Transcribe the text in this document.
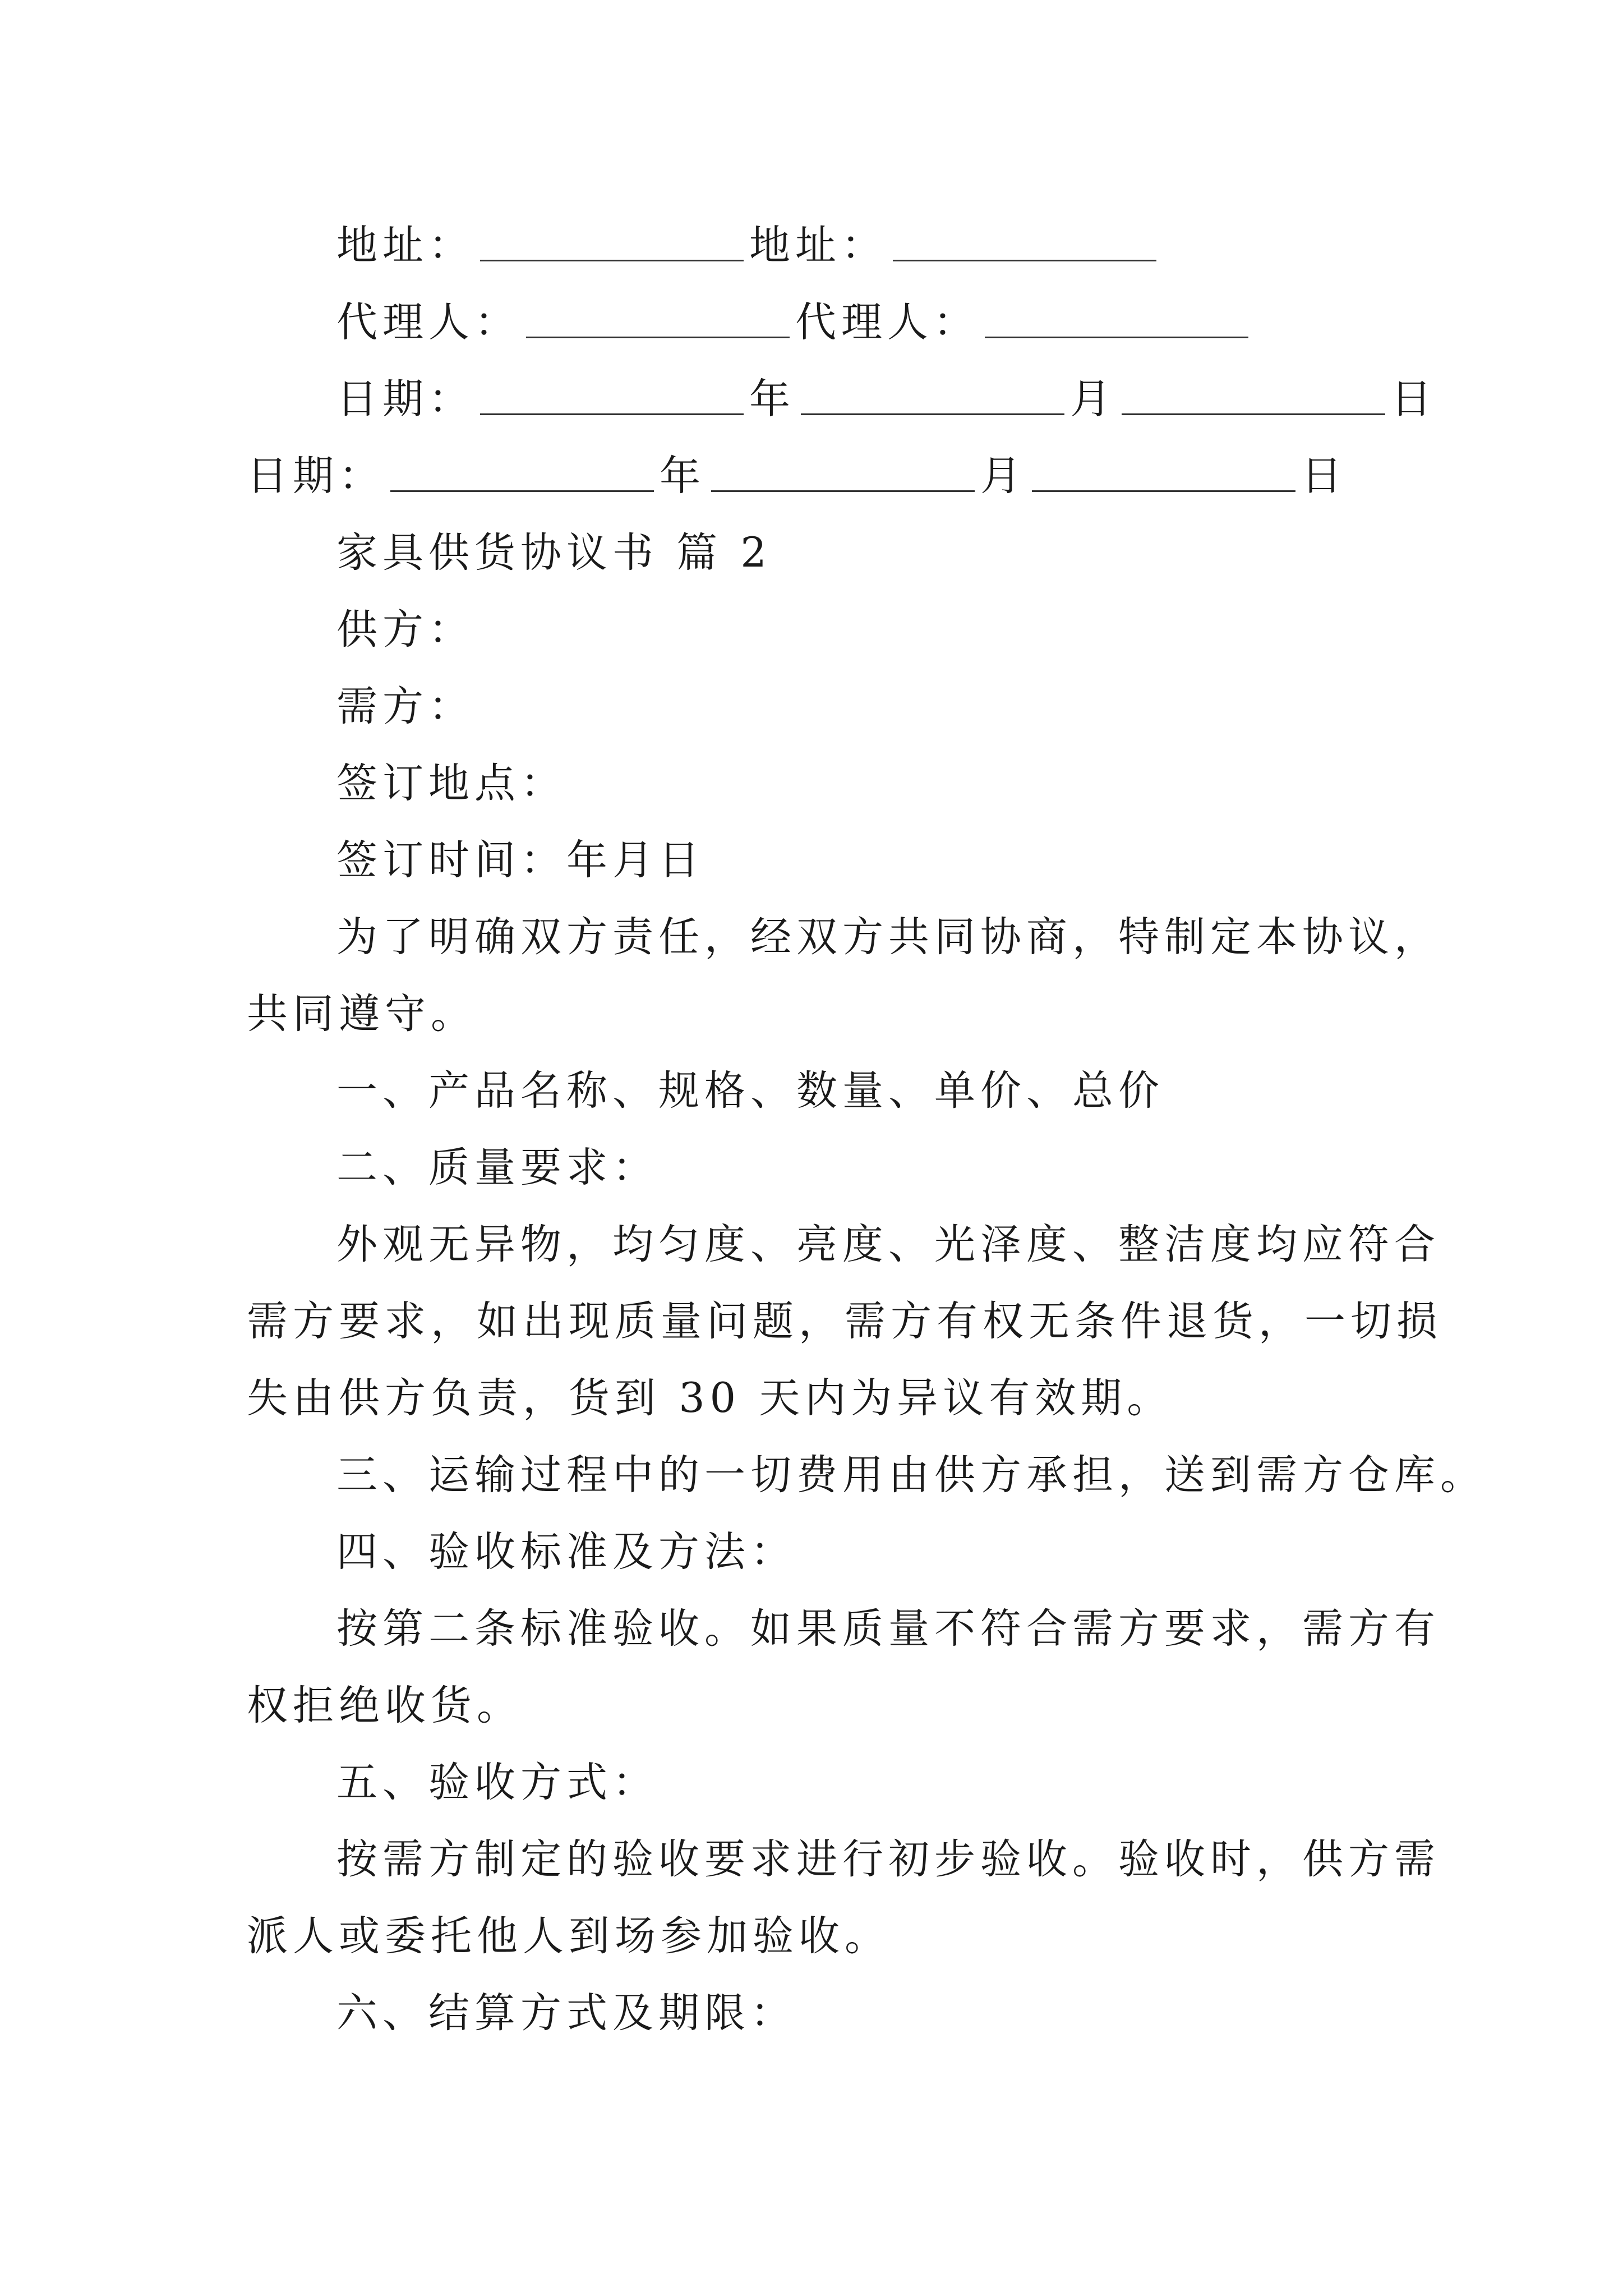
地址：	地址：
代理人：	代理人：
日期：	年	月	日
日期：	年	月	日
家具供货协议书 篇 2
供方：
需方：
签订地点：
签订时间：年月日
为了明确双方责任，经双方共同协商，特制定本协议，
共同遵守。
一、产品名称、规格、数量、单价、总价
二、质量要求：
外观无异物，均匀度、亮度、光泽度、整洁度均应符合
需方要求，如出现质量问题，需方有权无条件退货，一切损
失由供方负责，货到 30 天内为异议有效期。
三、运输过程中的一切费用由供方承担，送到需方仓库。
四、验收标准及方法：
按第二条标准验收。如果质量不符合需方要求，需方有
权拒绝收货。
五、验收方式：
按需方制定的验收要求进行初步验收。验收时，供方需
派人或委托他人到场参加验收。
六、结算方式及期限：
